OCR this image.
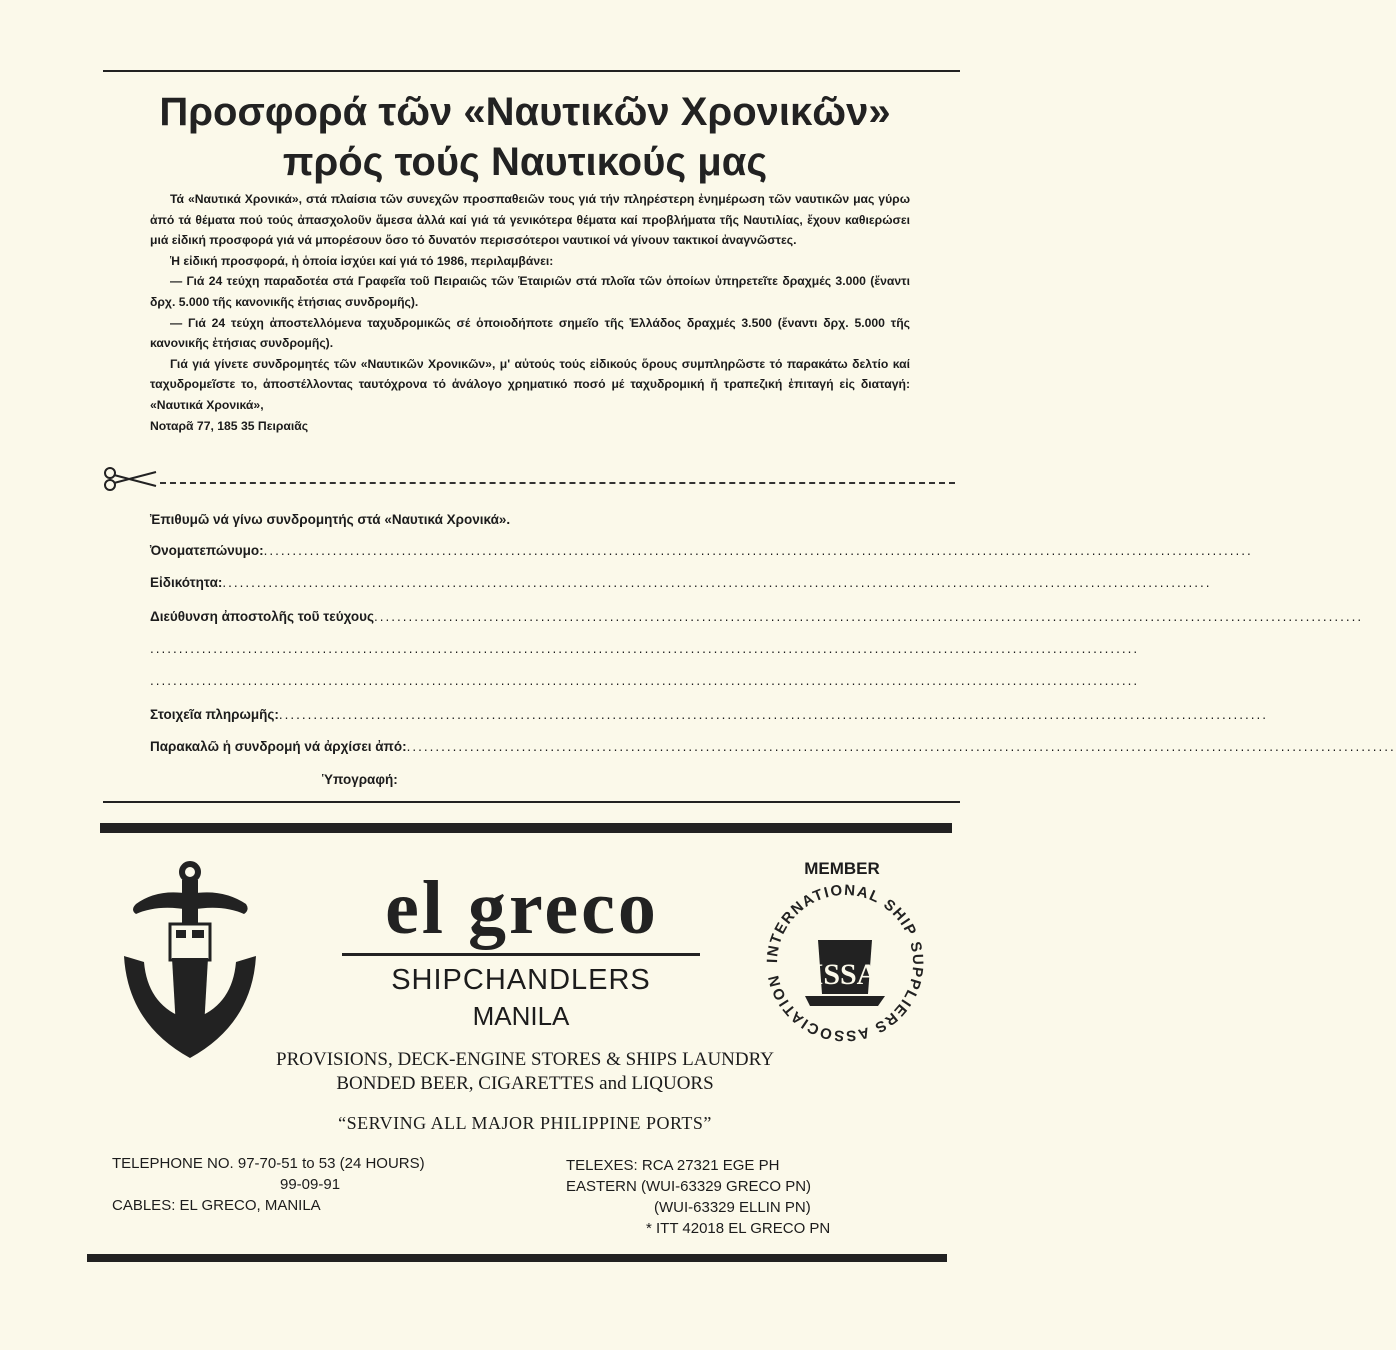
Προσφορά τῶν «Ναυτικῶν Χρονικῶν»
πρός τούς Ναυτικούς μας

Τά «Ναυτικά Χρονικά», στά πλαίσια τῶν συνεχῶν προσπαθειῶν τους γιά τήν πληρέστερη ἐνημέρωση τῶν ναυτικῶν μας γύρω ἀπό τά θέματα πού τούς ἀπασχολοῦν ἄμεσα ἀλλά καί γιά τά γενικότερα θέματα καί προβλήματα τῆς Ναυτιλίας, ἔχουν καθιερώσει μιά εἰδική προσφορά γιά νά μπορέσουν ὅσο τό δυνατόν περισσότεροι ναυτικοί νά γίνουν τακτικοί ἀναγνῶστες.

Ἡ εἰδική προσφορά, ἡ ὁποία ἰσχύει καί γιά τό 1986, περιλαμβάνει:

— Γιά 24 τεύχη παραδοτέα στά Γραφεῖα τοῦ Πειραιῶς τῶν Ἑταιριῶν στά πλοῖα τῶν ὁποίων ὑπηρετεῖτε δραχμές 3.000 (ἔναντι δρχ. 5.000 τῆς κανονικῆς ἐτήσιας συνδρομῆς).

— Γιά 24 τεύχη ἀποστελλόμενα ταχυδρομικῶς σέ ὁποιοδήποτε σημεῖο τῆς Ἑλλάδος δραχμές 3.500 (ἔναντι δρχ. 5.000 τῆς κανονικῆς ἐτήσιας συνδρομῆς).

Γιά γιά γίνετε συνδρομητές τῶν «Ναυτικῶν Χρονικῶν», μ' αὐτούς τούς εἰδικούς ὅρους συμπληρῶστε τό παρακάτω δελτίο καί ταχυδρομεῖστε το, ἀποστέλλοντας ταυτόχρονα τό ἀνάλογο χρηματικό ποσό μέ ταχυδρομική ἤ τραπεζική ἐπιταγή εἰς διαταγή: «Ναυτικά Χρονικά»,

Νοταρᾶ 77, 185 35 Πειραιᾶς

Ἐπιθυμῶ νά γίνω συνδρομητής στά «Ναυτικά Χρονικά».
Ὀνοματεπώνυμο:............................................................................................................................................................................
Εἰδικότητα:............................................................................................................................................................................
Διεύθυνση ἀποστολῆς τοῦ τεύχους............................................................................................................................................................................
............................................................................................................................................................................
............................................................................................................................................................................
Στοιχεῖα πληρωμῆς:............................................................................................................................................................................
Παρακαλῶ ἡ συνδρομή νά ἀρχίσει ἀπό:............................................................................................................................................................................
Ὑπογραφή:
el greco
SHIPCHANDLERS
MANILA
MEMBER
INTERNATIONAL SHIP SUPPLIERS ASSOCIATION ISSA
PROVISIONS, DECK-ENGINE STORES & SHIPS LAUNDRY
BONDED BEER, CIGARETTES and LIQUORS
“SERVING ALL MAJOR PHILIPPINE PORTS”
TELEPHONE NO. 97-70-51 to 53 (24 HOURS)
99-09-91
CABLES: EL GRECO, MANILA
TELEXES: RCA 27321 EGE PH
EASTERN (WUI-63329 GRECO PN)
(WUI-63329 ELLIN PN)
* ITT 42018 EL GRECO PN
